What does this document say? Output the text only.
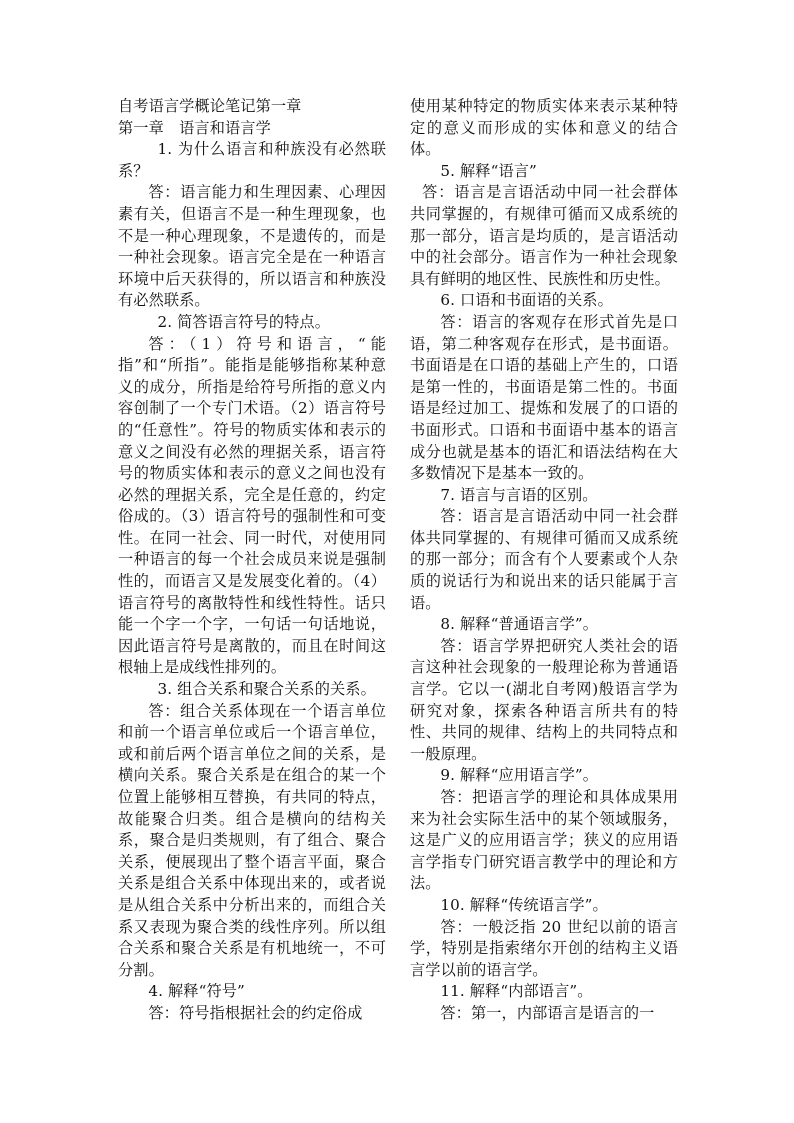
自考语言学概论笔记第一章

第一章　语言和语言学

1. 为什么语言和种族没有必然联系？

答：语言能力和生理因素、心理因素有关，但语言不是一种生理现象，也不是一种心理现象，不是遗传的，而是一种社会现象。语言完全是在一种语言环境中后天获得的，所以语言和种族没有必然联系。

2. 简答语言符号的特点。

答：（1）符号和语言，“能指”和“所指”。能指是能够指称某种意义的成分，所指是给符号所指的意义内容创制了一个专门术语。（2）语言符号的“任意性”。符号的物质实体和表示的意义之间没有必然的理据关系，语言符号的物质实体和表示的意义之间也没有必然的理据关系，完全是任意的，约定俗成的。（3）语言符号的强制性和可变性。在同一社会、同一时代，对使用同一种语言的每一个社会成员来说是强制性的，而语言又是发展变化着的。（4）语言符号的离散特性和线性特性。话只能一个字一个字，一句话一句话地说，因此语言符号是离散的，而且在时间这根轴上是成线性排列的。

3. 组合关系和聚合关系的关系。

答：组合关系体现在一个语言单位和前一个语言单位或后一个语言单位，或和前后两个语言单位之间的关系，是横向关系。聚合关系是在组合的某一个位置上能够相互替换，有共同的特点，故能聚合归类。组合是横向的结构关系，聚合是归类规则，有了组合、聚合关系，便展现出了整个语言平面，聚合关系是组合关系中体现出来的，或者说是从组合关系中分析出来的，而组合关系又表现为聚合类的线性序列。所以组合关系和聚合关系是有机地统一，不可分割。

4. 解释“符号”

答：符号指根据社会的约定俗成

使用某种特定的物质实体来表示某种特定的意义而形成的实体和意义的结合体。

5. 解释“语言”

答：语言是言语活动中同一社会群体共同掌握的，有规律可循而又成系统的那一部分，语言是均质的，是言语活动中的社会部分。语言作为一种社会现象具有鲜明的地区性、民族性和历史性。

6. 口语和书面语的关系。

答：语言的客观存在形式首先是口语，第二种客观存在形式，是书面语。书面语是在口语的基础上产生的，口语是第一性的，书面语是第二性的。书面语是经过加工、提炼和发展了的口语的书面形式。口语和书面语中基本的语言成分也就是基本的语汇和语法结构在大多数情况下是基本一致的。

7. 语言与言语的区别。

答：语言是言语活动中同一社会群体共同掌握的、有规律可循而又成系统的那一部分；而含有个人要素或个人杂质的说话行为和说出来的话只能属于言语。

8. 解释“普通语言学”。

答：语言学界把研究人类社会的语言这种社会现象的一般理论称为普通语言学。它以一(湖北自考网)般语言学为研究对象，探索各种语言所共有的特性、共同的规律、结构上的共同特点和一般原理。

9. 解释“应用语言学”。

答：把语言学的理论和具体成果用来为社会实际生活中的某个领域服务，这是广义的应用语言学；狭义的应用语言学指专门研究语言教学中的理论和方法。

10. 解释“传统语言学”。

答：一般泛指 20 世纪以前的语言学，特别是指索绪尔开创的结构主义语言学以前的语言学。

11. 解释“内部语言”。

答：第一，内部语言是语言的一
